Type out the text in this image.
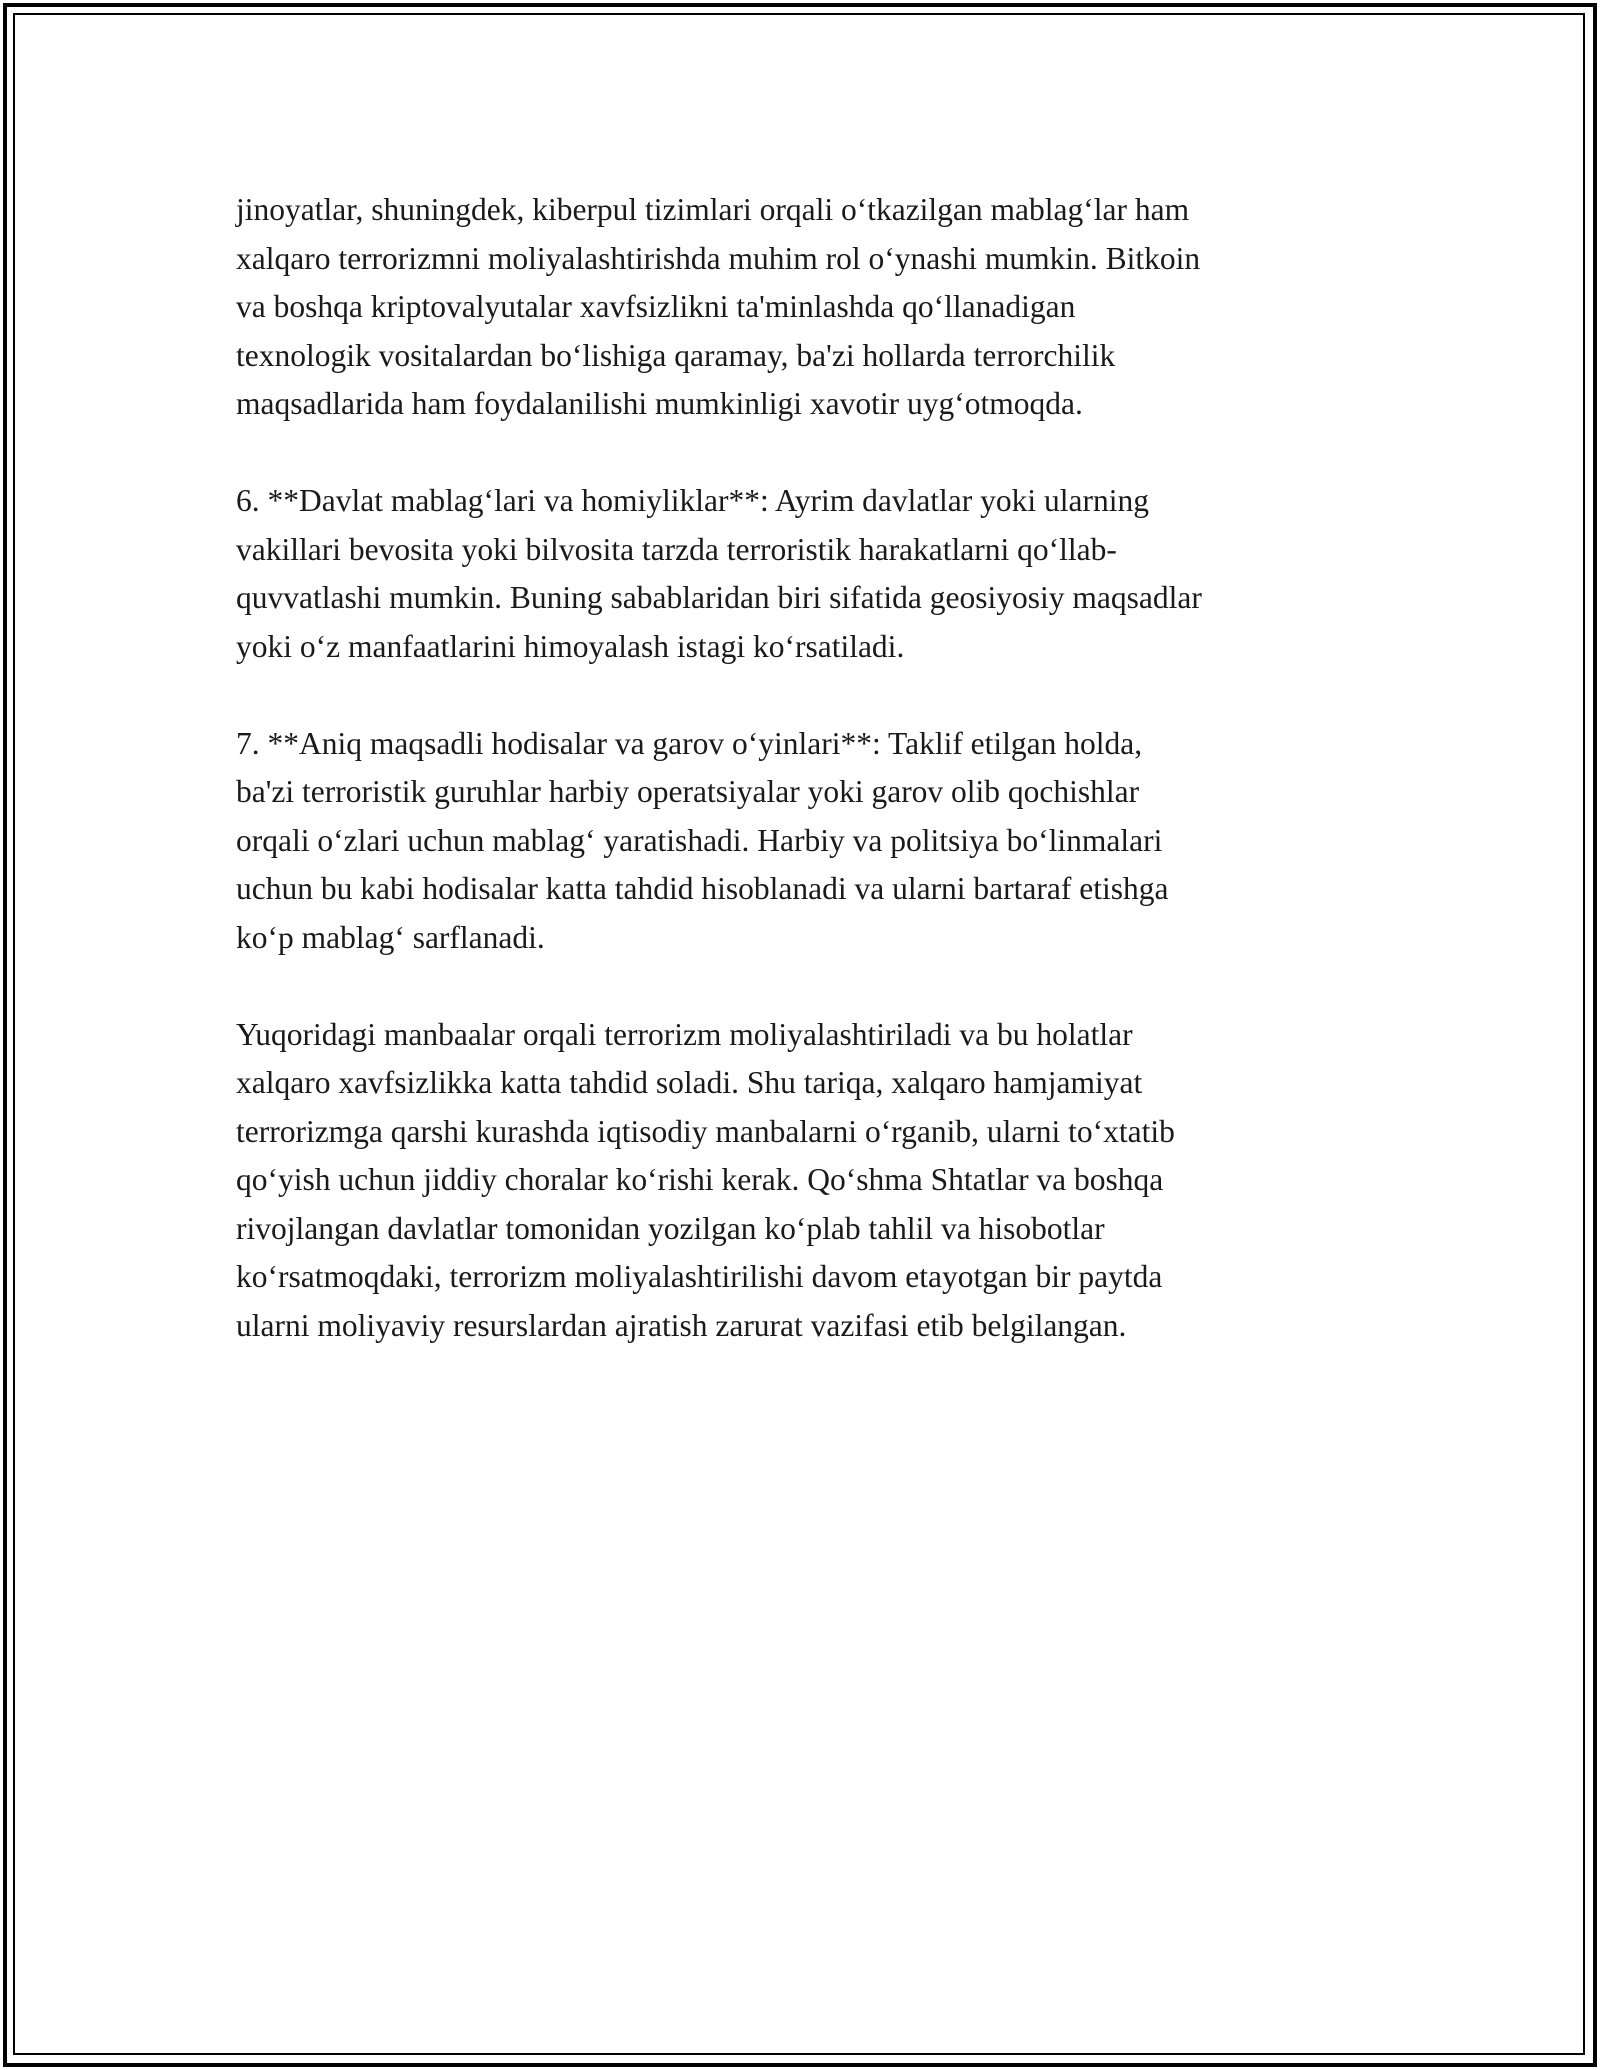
jinoyatlar, shuningdek, kiberpul tizimlari orqali o‘tkazilgan mablag‘lar ham
xalqaro terrorizmni moliyalashtirishda muhim rol o‘ynashi mumkin. Bitkoin
va boshqa kriptovalyutalar xavfsizlikni ta'minlashda qo‘llanadigan
texnologik vositalardan bo‘lishiga qaramay, ba'zi hollarda terrorchilik
maqsadlarida ham foydalanilishi mumkinligi xavotir uyg‘otmoqda.

6. **Davlat mablag‘lari va homiyliklar**: Ayrim davlatlar yoki ularning
vakillari bevosita yoki bilvosita tarzda terroristik harakatlarni qo‘llab-
quvvatlashi mumkin. Buning sabablaridan biri sifatida geosiyosiy maqsadlar
yoki o‘z manfaatlarini himoyalash istagi ko‘rsatiladi.

7. **Aniq maqsadli hodisalar va garov o‘yinlari**: Taklif etilgan holda,
ba'zi terroristik guruhlar harbiy operatsiyalar yoki garov olib qochishlar
orqali o‘zlari uchun mablag‘ yaratishadi. Harbiy va politsiya bo‘linmalari
uchun bu kabi hodisalar katta tahdid hisoblanadi va ularni bartaraf etishga
ko‘p mablag‘ sarflanadi.

Yuqoridagi manbaalar orqali terrorizm moliyalashtiriladi va bu holatlar
xalqaro xavfsizlikka katta tahdid soladi. Shu tariqa, xalqaro hamjamiyat
terrorizmga qarshi kurashda iqtisodiy manbalarni o‘rganib, ularni to‘xtatib
qo‘yish uchun jiddiy choralar ko‘rishi kerak. Qo‘shma Shtatlar va boshqa
rivojlangan davlatlar tomonidan yozilgan ko‘plab tahlil va hisobotlar
ko‘rsatmoqdaki, terrorizm moliyalashtirilishi davom etayotgan bir paytda
ularni moliyaviy resurslardan ajratish zarurat vazifasi etib belgilangan.
